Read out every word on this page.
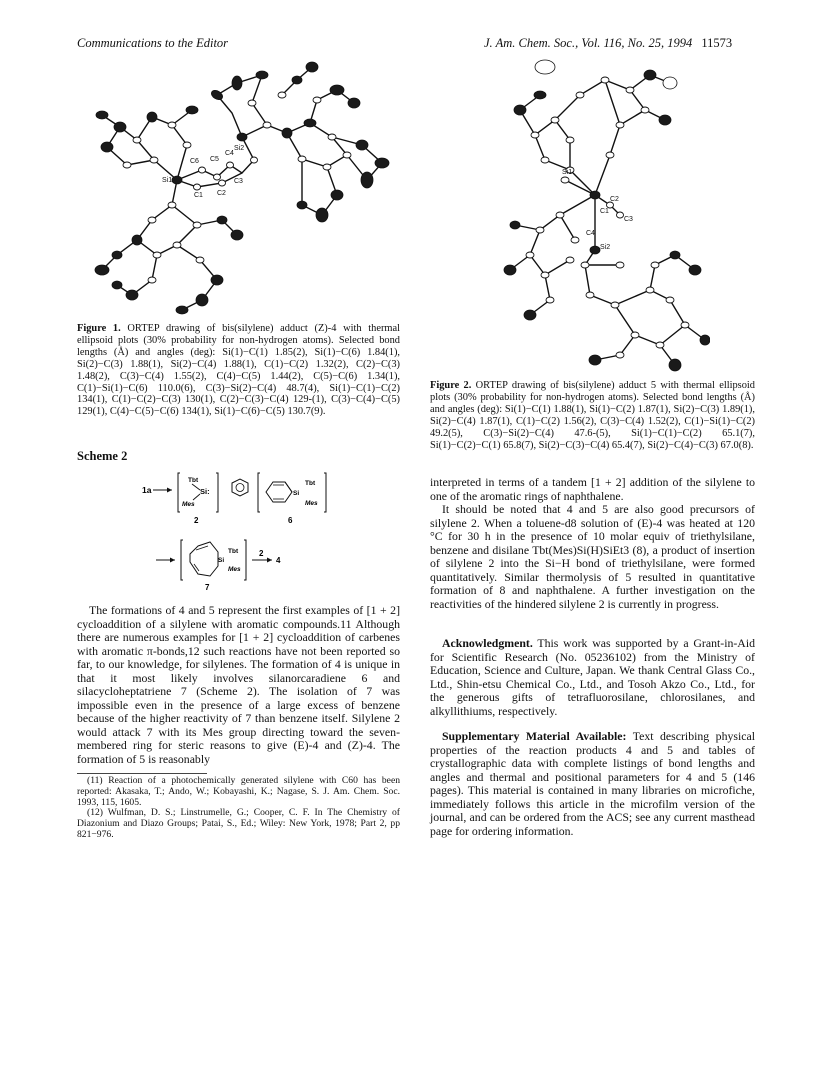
Communications to the Editor	J. Am. Chem. Soc., Vol. 116, No. 25, 1994 11573
Si2
C6 C5
C4
Si1
C1 C2
C3
Si1
C1
C2
C3
C4
Si2
Figure 1. ORTEP drawing of bis(silylene) adduct (Z)-4 with thermal ellipsoid plots (30% probability for non-hydrogen atoms). Selected bond lengths (Å) and angles (deg): Si(1)−C(1) 1.85(2), Si(1)−C(6) 1.84(1), Si(2)−C(3) 1.88(1), Si(2)−C(4) 1.88(1), C(1)−C(2) 1.32(2), C(2)−C(3) 1.48(2), C(3)−C(4) 1.55(2), C(4)−C(5) 1.44(2), C(5)−C(6) 1.34(1), C(1)−Si(1)−C(6) 110.0(6), C(3)−Si(2)−C(4) 48.7(4), Si(1)−C(1)−C(2) 134(1), C(1)−C(2)−C(3) 130(1), C(2)−C(3)−C(4) 129-(1), C(3)−C(4)−C(5) 129(1), C(4)−C(5)−C(6) 134(1), Si(1)−C(6)−C(5) 130.7(9).
Scheme 2
1a
Tbt
Si:
Mes
2
Si
Tbt
Mes
6
Si
Tbt
Mes
7
2
4

The formations of 4 and 5 represent the first examples of [1 + 2] cycloaddition of a silylene with aromatic compounds.11 Although there are numerous examples for [1 + 2] cycloaddition of carbenes with aromatic π-bonds,12 such reactions have not been reported so far, to our knowledge, for silylenes. The formation of 4 is unique in that it most likely involves silanorcaradiene 6 and silacycloheptatriene 7 (Scheme 2). The isolation of 7 was impossible even in the presence of a large excess of benzene because of the higher reactivity of 7 than benzene itself. Silylene 2 would attack 7 with its Mes group directing toward the seven-membered ring for steric reasons to give (E)-4 and (Z)-4. The formation of 5 is reasonably

(11) Reaction of a photochemically generated silylene with C60 has been reported: Akasaka, T.; Ando, W.; Kobayashi, K.; Nagase, S. J. Am. Chem. Soc. 1993, 115, 1605.

(12) Wulfman, D. S.; Linstrumelle, G.; Cooper, C. F. In The Chemistry of Diazonium and Diazo Groups; Patai, S., Ed.; Wiley: New York, 1978; Part 2, pp 821−976.

Figure 2. ORTEP drawing of bis(silylene) adduct 5 with thermal ellipsoid plots (30% probability for non-hydrogen atoms). Selected bond lengths (Å) and angles (deg): Si(1)−C(1) 1.88(1), Si(1)−C(2) 1.87(1), Si(2)−C(3) 1.89(1), Si(2)−C(4) 1.87(1), C(1)−C(2) 1.56(2), C(3)−C(4) 1.52(2), C(1)−Si(1)−C(2) 49.2(5), C(3)−Si(2)−C(4) 47.6-(5), Si(1)−C(1)−C(2) 65.1(7), Si(1)−C(2)−C(1) 65.8(7), Si(2)−C(3)−C(4) 65.4(7), Si(2)−C(4)−C(3) 67.0(8).

interpreted in terms of a tandem [1 + 2] addition of the silylene to one of the aromatic rings of naphthalene.

It should be noted that 4 and 5 are also good precursors of silylene 2. When a toluene-d8 solution of (E)-4 was heated at 120 °C for 30 h in the presence of 10 molar equiv of triethylsilane, benzene and disilane Tbt(Mes)Si(H)SiEt3 (8), a product of insertion of silylene 2 into the Si−H bond of triethylsilane, were formed quantitatively. Similar thermolysis of 5 resulted in quantitative formation of 8 and naphthalene. A further investigation on the reactivities of the hindered silylene 2 is currently in progress.

Acknowledgment. This work was supported by a Grant-in-Aid for Scientific Research (No. 05236102) from the Ministry of Education, Science and Culture, Japan. We thank Central Glass Co., Ltd., Shin-etsu Chemical Co., Ltd., and Tosoh Akzo Co., Ltd., for the generous gifts of tetrafluorosilane, chlorosilanes, and alkyllithiums, respectively.

Supplementary Material Available: Text describing physical properties of the reaction products 4 and 5 and tables of crystallographic data with complete listings of bond lengths and angles and thermal and positional parameters for 4 and 5 (146 pages). This material is contained in many libraries on microfiche, immediately follows this article in the microfilm version of the journal, and can be ordered from the ACS; see any current masthead page for ordering information.
